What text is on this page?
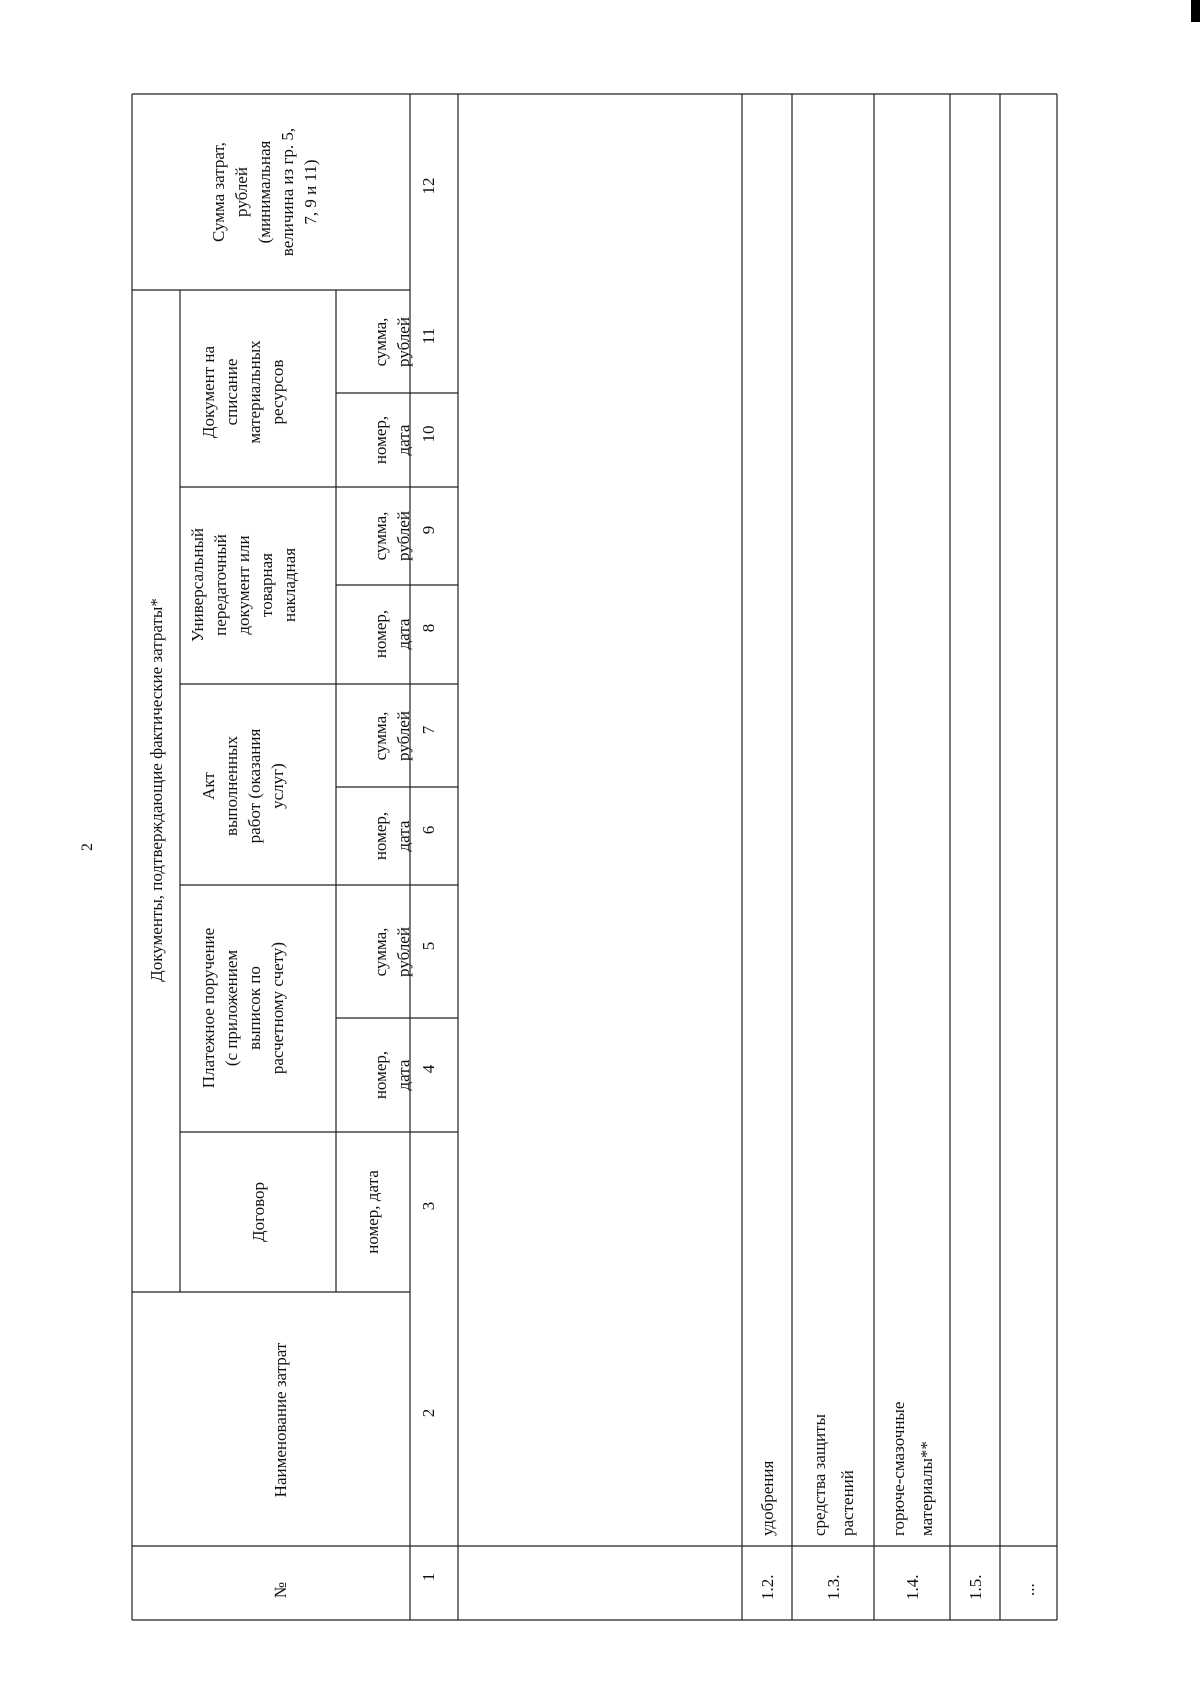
2
№
Наименование затрат
Документы, подтверждающие фактические затраты*
Договор	номер, дата
Платежное поручение (с приложением выписок по расчетному счету)
номер, дата
сумма, рублей
Акт выполненных работ (оказания услуг)
номер, дата
сумма, рублей
Универсальный передаточный документ или товарная накладная
номер, дата
сумма, рублей
Документ на списание материальных ресурсов
номер, дата
сумма, рублей
Сумма затрат, рублей (минимальная величина из гр. 5, 7, 9 и 11)
1
2
3
4
5
6
7
8
9
10
11
12
1.2.
удобрения
1.3.
средства защиты растений
1.4.
горюче-смазочные материалы**
1.5. ...
